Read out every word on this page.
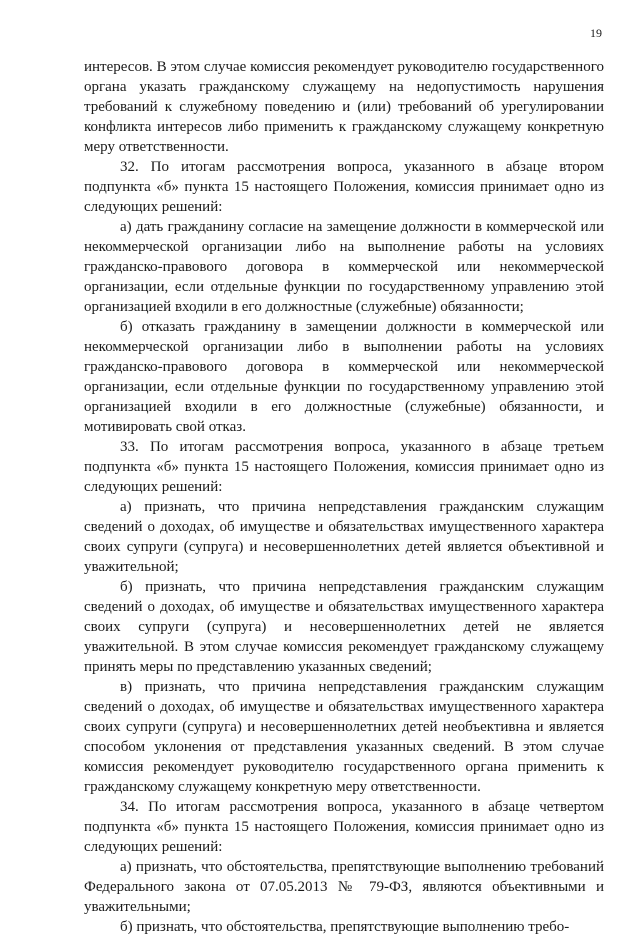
19

интересов. В этом случае комиссия рекомендует руководителю государственного органа указать гражданскому служащему на недопустимость нарушения требований к служебному поведению и (или) требований об урегулировании конфликта интересов либо применить к гражданскому служащему конкретную меру ответственности.

32. По итогам рассмотрения вопроса, указанного в абзаце втором подпункта «б» пункта 15 настоящего Положения, комиссия принимает одно из следующих решений:

а) дать гражданину согласие на замещение должности в коммерческой или некоммерческой организации либо на выполнение работы на условиях гражданско-правового договора в коммерческой или некоммерческой организации, если отдельные функции по государственному управлению этой организацией входили в его должностные (служебные) обязанности;

б) отказать гражданину в замещении должности в коммерческой или некоммерческой организации либо в выполнении работы на условиях гражданско-правового договора в коммерческой или некоммерческой организации, если отдельные функции по государственному управлению этой организацией входили в его должностные (служебные) обязанности, и мотивировать свой отказ.

33. По итогам рассмотрения вопроса, указанного в абзаце третьем подпункта «б» пункта 15 настоящего Положения, комиссия принимает одно из следующих решений:

а) признать, что причина непредставления гражданским служащим сведений о доходах, об имуществе и обязательствах имущественного характера своих супруги (супруга) и несовершеннолетних детей является объективной и уважительной;

б) признать, что причина непредставления гражданским служащим сведений о доходах, об имуществе и обязательствах имущественного характера своих супруги (супруга) и несовершеннолетних детей не является уважительной. В этом случае комиссия рекомендует гражданскому служащему принять меры по представлению указанных сведений;

в) признать, что причина непредставления гражданским служащим сведений о доходах, об имуществе и обязательствах имущественного характера своих супруги (супруга) и несовершеннолетних детей необъективна и является способом уклонения от представления указанных сведений. В этом случае комиссия рекомендует руководителю государственного органа применить к гражданскому служащему конкретную меру ответственности.

34. По итогам рассмотрения вопроса, указанного в абзаце четвертом подпункта «б» пункта 15 настоящего Положения, комиссия принимает одно из следующих решений:

а) признать, что обстоятельства, препятствующие выполнению требований Федерального закона от 07.05.2013 № 79-ФЗ, являются объективными и уважительными;

б) признать, что обстоятельства, препятствующие выполнению требо-
